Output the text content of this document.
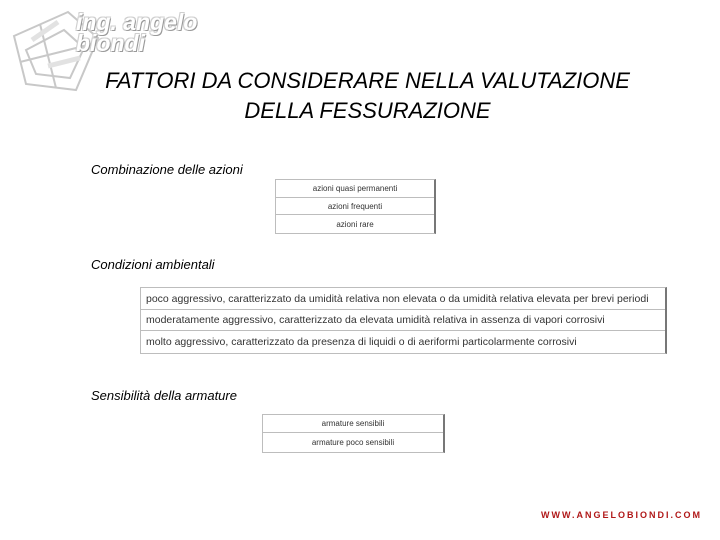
ing. angelo
biondi
FATTORI DA CONSIDERARE NELLA VALUTAZIONE DELLA FESSURAZIONE
Combinazione delle azioni
azioni quasi permanenti
azioni frequenti
azioni rare
Condizioni ambientali
poco aggressivo, caratterizzato da umidità relativa non elevata o da umidità relativa elevata per brevi periodi
moderatamente aggressivo, caratterizzato da elevata umidità relativa in assenza di vapori corrosivi
molto aggressivo, caratterizzato da presenza di liquidi o di aeriformi particolarmente corrosivi
Sensibilità della armature
armature sensibili
armature poco sensibili
WWW.ANGELOBIONDI.COM
